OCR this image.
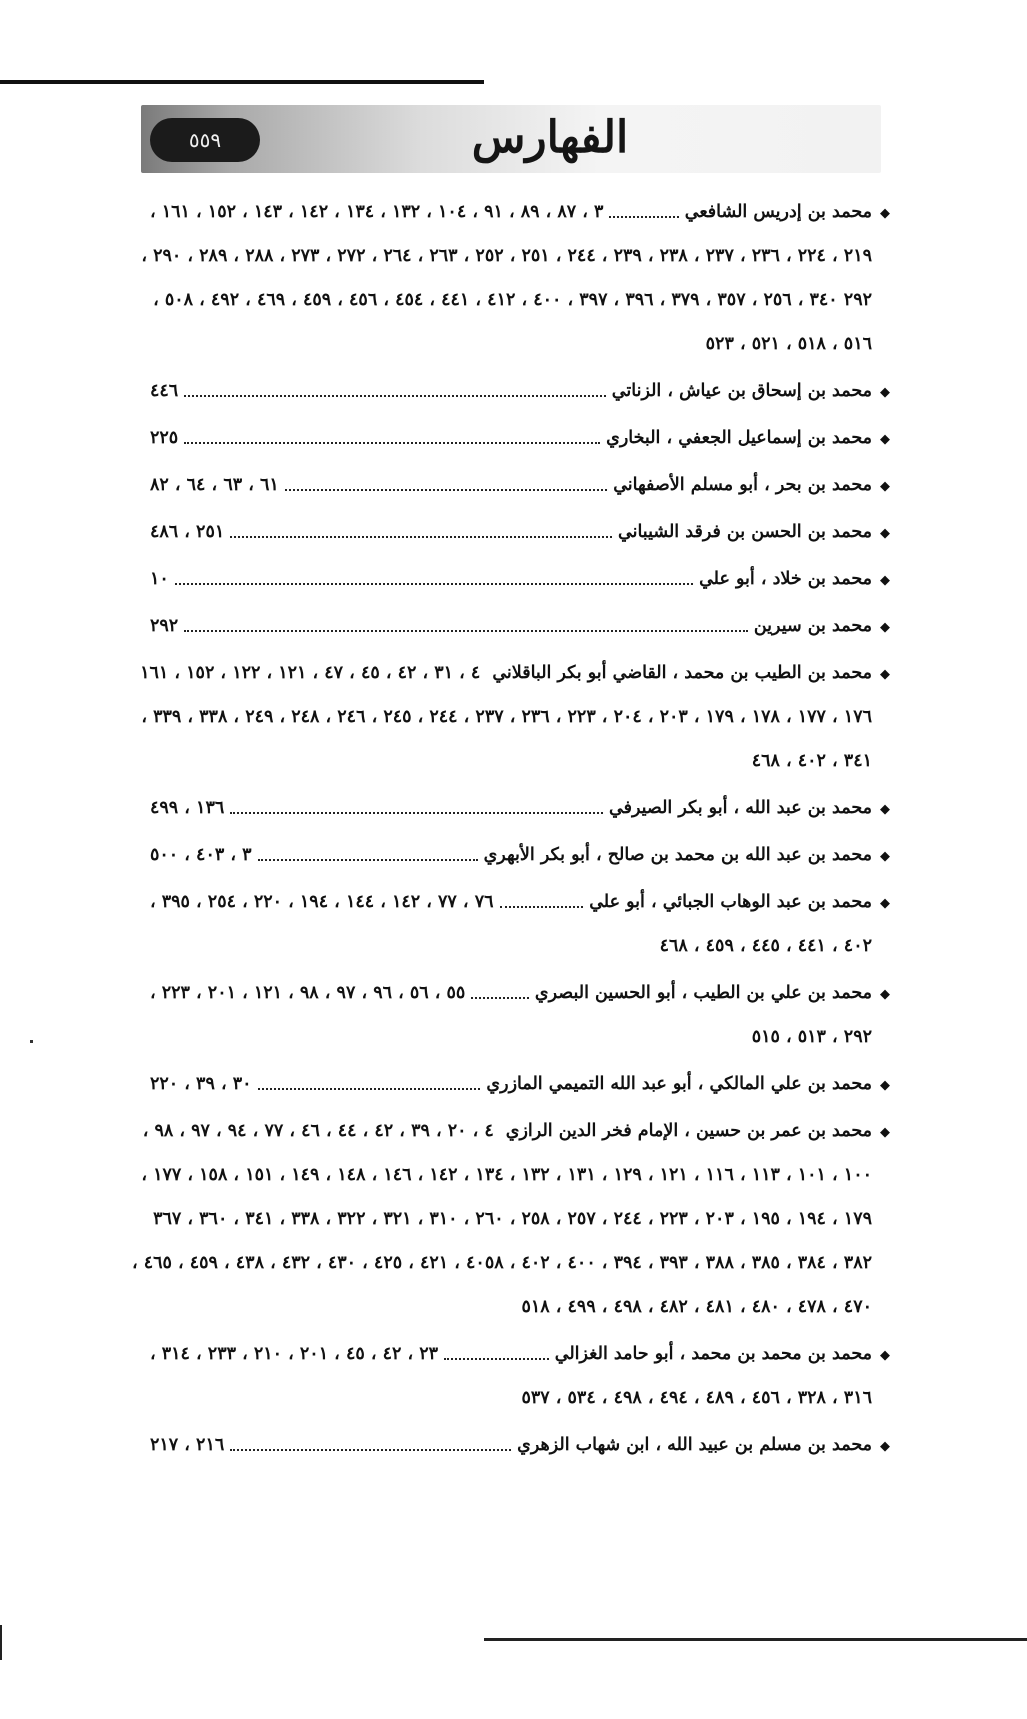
الفهارس
٥٥٩
◆
محمد بن إدريس الشافعي
٣ ، ٨٧ ، ٨٩ ، ٩١ ، ١٠٤ ، ١٣٢ ، ١٣٤ ، ١٤٢ ، ١٤٣ ، ١٥٢ ، ١٦١ ،
٢١٩ ، ٢٢٤ ، ٢٣٦ ، ٢٣٧ ، ٢٣٨ ، ٢٣٩ ، ٢٤٤ ، ٢٥١ ، ٢٥٢ ، ٢٦٣ ، ٢٦٤ ، ٢٧٢ ، ٢٧٣ ، ٢٨٨ ، ٢٨٩ ، ٢٩٠ ،
٢٩٢ ٣٤٠ ، ٢٥٦ ، ٣٥٧ ، ٣٧٩ ، ٣٩٦ ، ٣٩٧ ، ٤٠٠ ، ٤١٢ ، ٤٤١ ، ٤٥٤ ، ٤٥٦ ، ٤٥٩ ، ٤٦٩ ، ٤٩٢ ، ٥٠٨ ،
٥١٦ ، ٥١٨ ، ٥٢١ ، ٥٢٣
◆
محمد بن إسحاق بن عياش ، الزناتي
٤٤٦
◆
محمد بن إسماعيل الجعفي ، البخاري
٢٢٥
◆
محمد بن بحر ، أبو مسلم الأصفهاني
٦١ ، ٦٣ ، ٦٤ ، ٨٢
◆
محمد بن الحسن بن فرقد الشيباني
٢٥١ ، ٤٨٦
◆
محمد بن خلاد ، أبو علي
١٠
◆
محمد بن سيرين
٢٩٢
◆
محمد بن الطيب بن محمد ، القاضي أبو بكر الباقلاني
٤ ، ٣١ ، ٤٢ ، ٤٥ ، ٤٧ ، ١٢١ ، ١٢٢ ، ١٥٢ ، ١٦١
١٧٦ ، ١٧٧ ، ١٧٨ ، ١٧٩ ، ٢٠٣ ، ٢٠٤ ، ٢٢٣ ، ٢٣٦ ، ٢٣٧ ، ٢٤٤ ، ٢٤٥ ، ٢٤٦ ، ٢٤٨ ، ٢٤٩ ، ٣٣٨ ، ٣٣٩ ،
٣٤١ ، ٤٠٢ ، ٤٦٨
◆
محمد بن عبد الله ، أبو بكر الصيرفي
١٣٦ ، ٤٩٩
◆
محمد بن عبد الله بن محمد بن صالح ، أبو بكر الأبهري
٣ ، ٤٠٣ ، ٥٠٠
◆
محمد بن عبد الوهاب الجبائي ، أبو علي
٧٦ ، ٧٧ ، ١٤٢ ، ١٤٤ ، ١٩٤ ، ٢٢٠ ، ٢٥٤ ، ٣٩٥ ،
٤٠٢ ، ٤٤١ ، ٤٤٥ ، ٤٥٩ ، ٤٦٨
◆
محمد بن علي بن الطيب ، أبو الحسين البصري
٥٥ ، ٥٦ ، ٩٦ ، ٩٧ ، ٩٨ ، ١٢١ ، ٢٠١ ، ٢٢٣ ،
٢٩٢ ، ٥١٣ ، ٥١٥
◆
محمد بن علي المالكي ، أبو عبد الله التميمي المازري
٣٠ ، ٣٩ ، ٢٢٠
◆
محمد بن عمر بن حسين ، الإمام فخر الدين الرازي
٤ ، ٢٠ ، ٣٩ ، ٤٢ ، ٤٤ ، ٤٦ ، ٧٧ ، ٩٤ ، ٩٧ ، ٩٨ ،
١٠٠ ، ١٠١ ، ١١٣ ، ١١٦ ، ١٢١ ، ١٢٩ ، ١٣١ ، ١٣٢ ، ١٣٤ ، ١٤٢ ، ١٤٦ ، ١٤٨ ، ١٤٩ ، ١٥١ ، ١٥٨ ، ١٧٧ ،
١٧٩ ، ١٩٤ ، ١٩٥ ، ٢٠٣ ، ٢٢٣ ، ٢٤٤ ، ٢٥٧ ، ٢٥٨ ، ٢٦٠ ، ٣١٠ ، ٣٢١ ، ٣٢٢ ، ٣٣٨ ، ٣٤١ ، ٣٦٠ ، ٣٦٧
٣٨٢ ، ٣٨٤ ، ٣٨٥ ، ٣٨٨ ، ٣٩٣ ، ٣٩٤ ، ٤٠٠ ، ٤٠٢ ، ٤٠٥٨ ، ٤٢١ ، ٤٢٥ ، ٤٣٠ ، ٤٣٢ ، ٤٣٨ ، ٤٥٩ ، ٤٦٥ ،
٤٧٠ ، ٤٧٨ ، ٤٨٠ ، ٤٨١ ، ٤٨٢ ، ٤٩٨ ، ٤٩٩ ، ٥١٨
◆
محمد بن محمد بن محمد ، أبو حامد الغزالي
٢٣ ، ٤٢ ، ٤٥ ، ٢٠١ ، ٢١٠ ، ٢٣٣ ، ٣١٤ ،
٣١٦ ، ٣٢٨ ، ٤٥٦ ، ٤٨٩ ، ٤٩٤ ، ٤٩٨ ، ٥٣٤ ، ٥٣٧
◆
محمد بن مسلم بن عبيد الله ، ابن شهاب الزهري
٢١٦ ، ٢١٧
